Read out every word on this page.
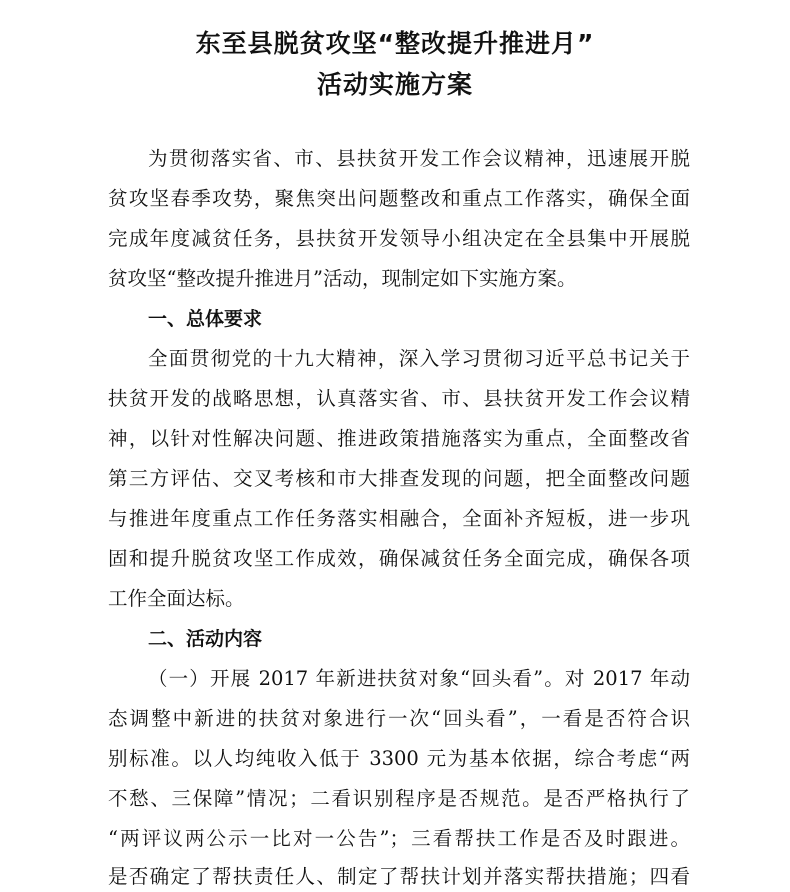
东至县脱贫攻坚“整改提升推进月”
活动实施方案
为贯彻落实省、市、县扶贫开发工作会议精神，迅速展开脱
贫攻坚春季攻势，聚焦突出问题整改和重点工作落实，确保全面
完成年度减贫任务，县扶贫开发领导小组决定在全县集中开展脱
贫攻坚“整改提升推进月”活动，现制定如下实施方案。
一、总体要求
全面贯彻党的十九大精神，深入学习贯彻习近平总书记关于
扶贫开发的战略思想，认真落实省、市、县扶贫开发工作会议精
神，以针对性解决问题、推进政策措施落实为重点，全面整改省
第三方评估、交叉考核和市大排查发现的问题，把全面整改问题
与推进年度重点工作任务落实相融合，全面补齐短板，进一步巩
固和提升脱贫攻坚工作成效，确保减贫任务全面完成，确保各项
工作全面达标。
二、活动内容
（一）开展 2017 年新进扶贫对象“回头看”。对 2017 年动
态调整中新进的扶贫对象进行一次“回头看”，一看是否符合识
别标准。以人均纯收入低于 3300 元为基本依据，综合考虑“两
不愁、三保障”情况；二看识别程序是否规范。是否严格执行了
“两评议两公示一比对一公告”；三看帮扶工作是否及时跟进。
是否确定了帮扶责任人、制定了帮扶计划并落实帮扶措施；四看
